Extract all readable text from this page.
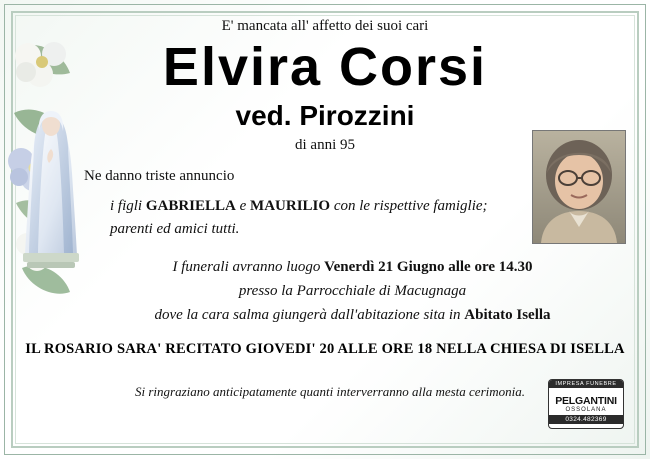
E' mancata all' affetto dei suoi cari
Elvira Corsi
ved. Pirozzini
di anni 95
Ne danno triste annuncio
i figli GABRIELLA e MAURILIO con le rispettive famiglie;
parenti ed amici tutti.
I funerali avranno luogo Venerdì 21 Giugno alle ore 14.30
presso la Parrocchiale di Macugnaga
dove la cara salma giungerà dall'abitazione sita in Abitato Isella
IL ROSARIO SARA' RECITATO GIOVEDI' 20 ALLE ORE 18 NELLA CHIESA DI ISELLA
Si ringraziano anticipatamente quanti interverranno alla mesta cerimonia.
IMPRESA FUNEBRE
PELGANTINI
OSSOLANA
0324.482369
